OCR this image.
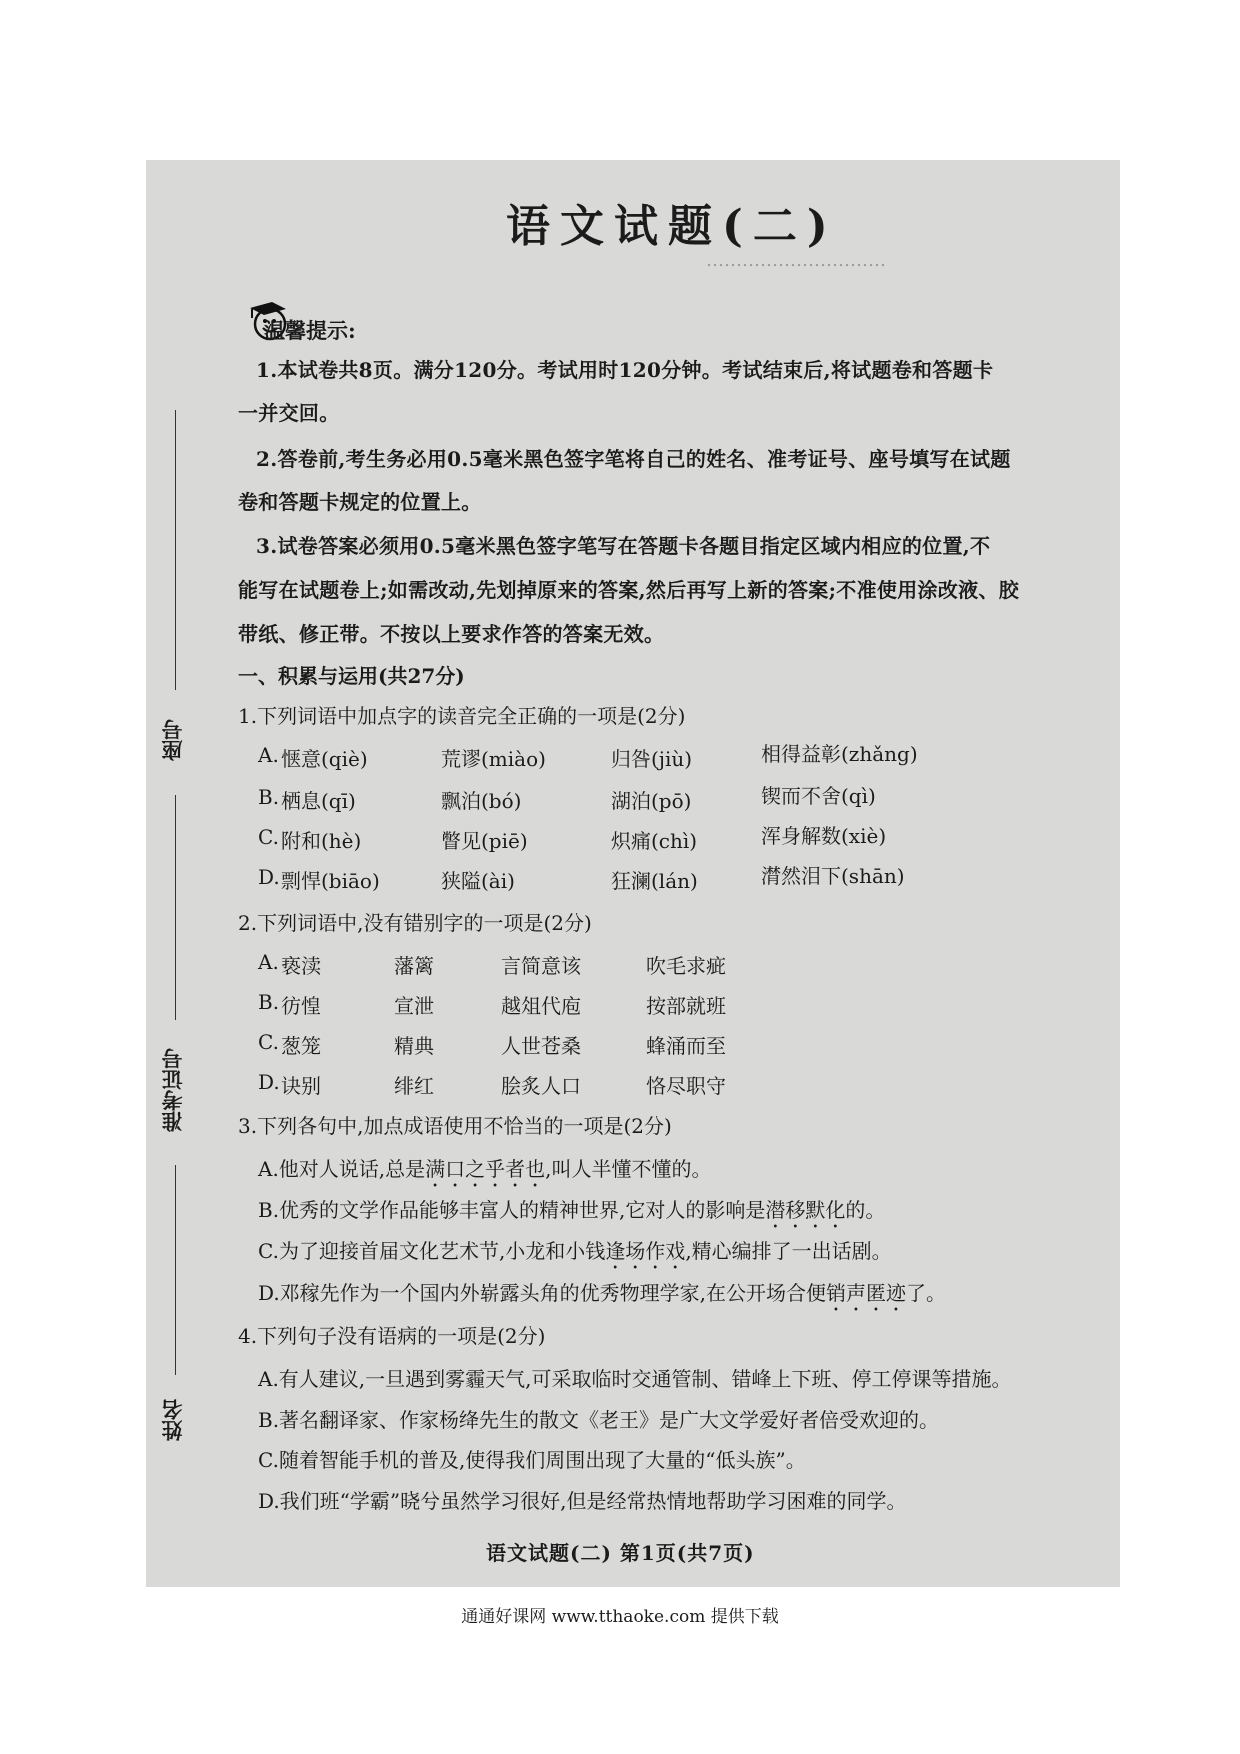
…………………………
语文试题(二)
温馨提示:
1.本试卷共8页。满分120分。考试用时120分钟。考试结束后,将试题卷和答题卡
一并交回。
2.答卷前,考生务必用0.5毫米黑色签字笔将自己的姓名、准考证号、座号填写在试题
卷和答题卡规定的位置上。
3.试卷答案必须用0.5毫米黑色签字笔写在答题卡各题目指定区域内相应的位置,不
能写在试题卷上;如需改动,先划掉原来的答案,然后再写上新的答案;不准使用涂改液、胶
带纸、修正带。不按以上要求作答的答案无效。
一、积累与运用(共27分)
1.下列词语中加点字的读音完全正确的一项是(2分)
A. 惬意(qiè)	荒谬(miào)	归咎(jiù)	相得益彰(zhǎng)
B. 栖息(qī)	飘泊(bó)	湖泊(pō)	锲而不舍(qì)
C. 附和(hè)	瞥见(piē)	炽痛(chì)	浑身解数(xiè)
D. 剽悍(biāo)	狭隘(ài)	狂澜(lán)	潸然泪下(shān)
2.下列词语中,没有错别字的一项是(2分)
A. 亵渎	藩篱	言简意该	吹毛求疵
B. 彷惶	宣泄	越俎代庖	按部就班
C. 葱笼	精典	人世苍桑	蜂涌而至
D. 诀别	绯红	脍炙人口	恪尽职守
3.下列各句中,加点成语使用不恰当的一项是(2分)
A.他对人说话,总是满口之乎者也,叫人半懂不懂的。
B.优秀的文学作品能够丰富人的精神世界,它对人的影响是潜移默化的。
C.为了迎接首届文化艺术节,小龙和小钱逢场作戏,精心编排了一出话剧。
D.邓稼先作为一个国内外崭露头角的优秀物理学家,在公开场合便销声匿迹了。
4.下列句子没有语病的一项是(2分)
A.有人建议,一旦遇到雾霾天气,可采取临时交通管制、错峰上下班、停工停课等措施。
B.著名翻译家、作家杨绛先生的散文《老王》是广大文学爱好者倍受欢迎的。
C.随着智能手机的普及,使得我们周围出现了大量的“低头族”。
D.我们班“学霸”晓兮虽然学习很好,但是经常热情地帮助学习困难的同学。
座号
准考证号
姓名
语文试题(二) 第1页(共7页)
通通好课网 www.tthaoke.com 提供下载
